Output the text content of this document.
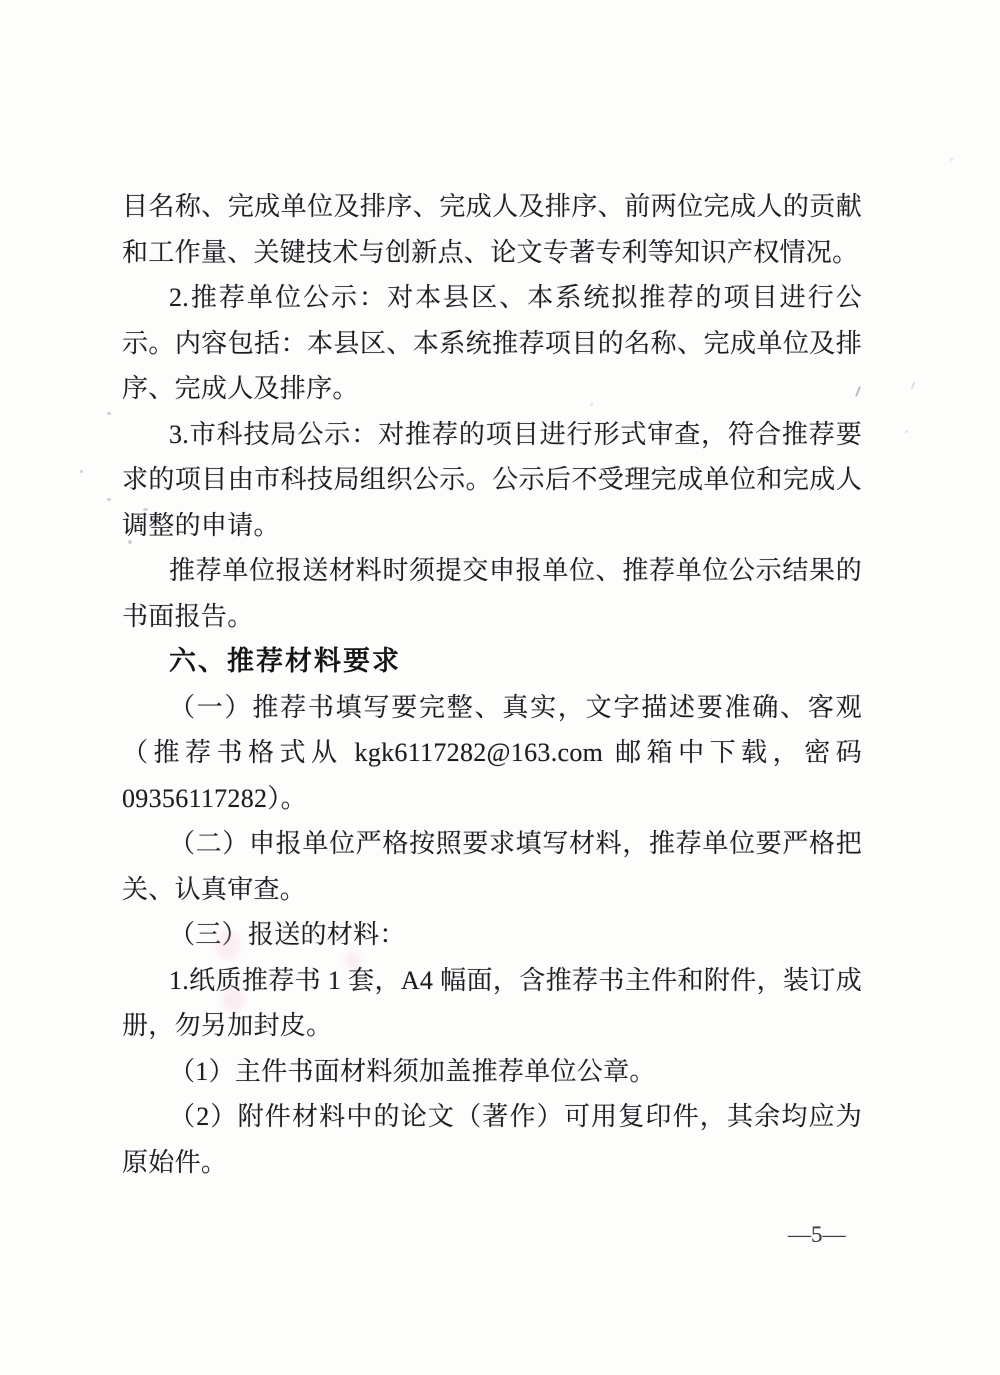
目名称、完成单位及排序、完成人及排序、前两位完成人的贡献和工作量、关键技术与创新点、论文专著专利等知识产权情况。

2.推荐单位公示：对本县区、本系统拟推荐的项目进行公示。内容包括：本县区、本系统推荐项目的名称、完成单位及排序、完成人及排序。

3.市科技局公示：对推荐的项目进行形式审查，符合推荐要求的项目由市科技局组织公示。公示后不受理完成单位和完成人调整的申请。

推荐单位报送材料时须提交申报单位、推荐单位公示结果的书面报告。

六、推荐材料要求

（一）推荐书填写要完整、真实，文字描述要准确、客观（推荐书格式从 kgk6117282@163.com 邮箱中下载，密码 09356117282）。

（二）申报单位严格按照要求填写材料，推荐单位要严格把关、认真审查。

（三）报送的材料：

1.纸质推荐书 1 套，A4 幅面，含推荐书主件和附件，装订成册，勿另加封皮。

（1）主件书面材料须加盖推荐单位公章。

（2）附件材料中的论文（著作）可用复印件，其余均应为原始件。

—5—
